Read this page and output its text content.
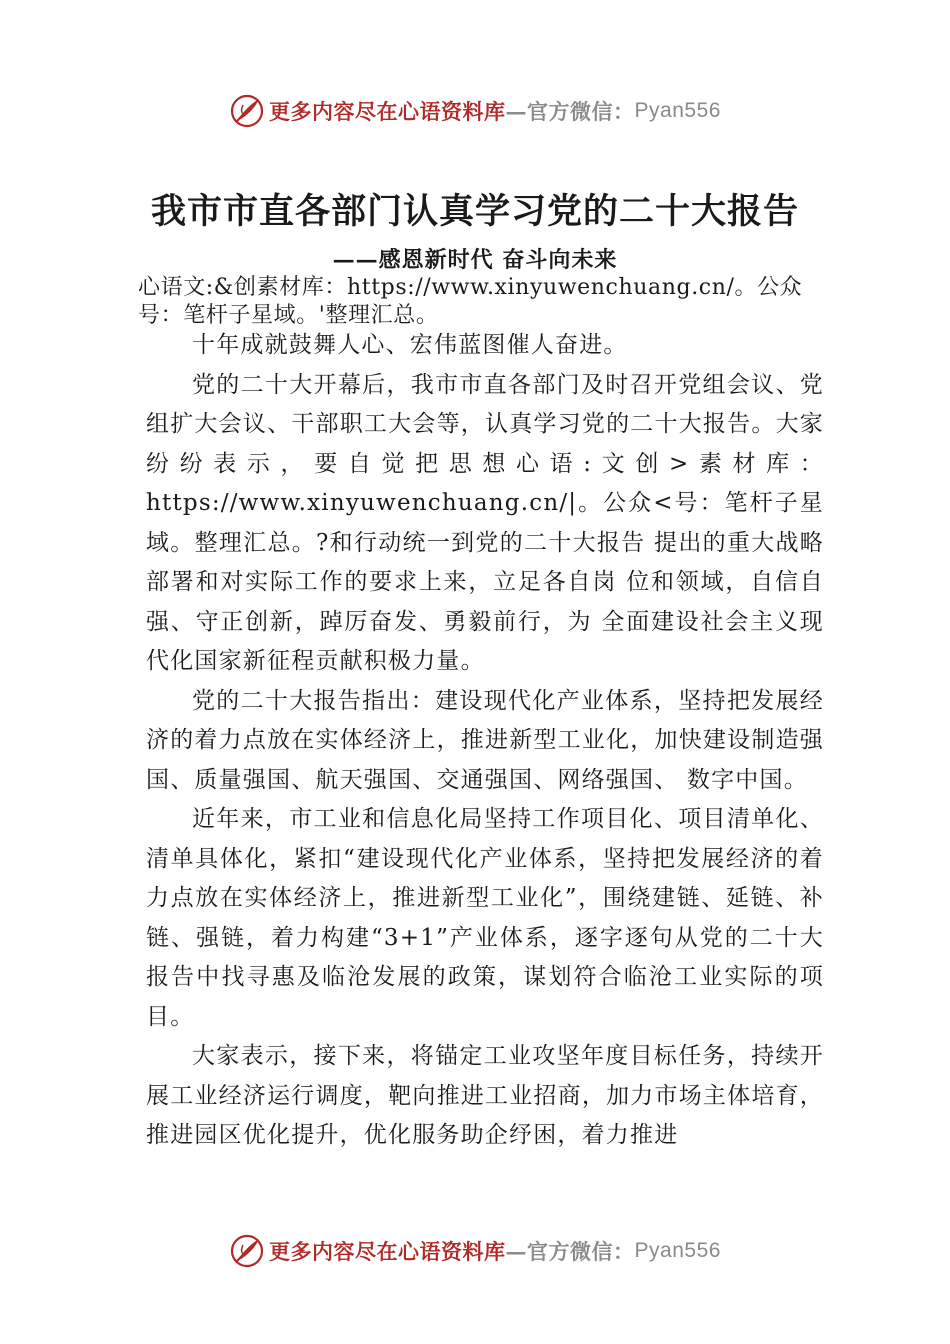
更多内容尽在心语资料库 —官方微信： Pyan556
我市市直各部门认真学习党的二十大报告
——感恩新时代 奋斗向未来
心语文:&创素材库：https://www.xinyuwenchuang.cn/。公众号：笔杆子星域。'整理汇总。

十年成就鼓舞人心、宏伟蓝图催人奋进。

党的二十大开幕后，我市市直各部门及时召开党组会议、党组扩大会议、干部职工大会等，认真学习党的二十大报告。大家纷纷表示，要自觉把思想心语:文创>素材库：https://www.xinyuwenchuang.cn/|。公众<号：笔杆子星域。整理汇总。?和行动统一到党的二十大报告 提出的重大战略部署和对实际工作的要求上来，立足各自岗 位和领域，自信自强、守正创新，踔厉奋发、勇毅前行，为 全面建设社会主义现代化国家新征程贡献积极力量。

党的二十大报告指出：建设现代化产业体系，坚持把发展经济的着力点放在实体经济上，推进新型工业化，加快建设制造强国、质量强国、航天强国、交通强国、网络强国、 数字中国。

近年来，市工业和信息化局坚持工作项目化、项目清单化、清单具体化，紧扣“建设现代化产业体系，坚持把发展经济的着力点放在实体经济上，推进新型工业化”，围绕建链、延链、补链、强链，着力构建“3+1”产业体系，逐字逐句从党的二十大报告中找寻惠及临沧发展的政策，谋划符合临沧工业实际的项目。

大家表示，接下来，将锚定工业攻坚年度目标任务，持续开展工业经济运行调度，靶向推进工业招商，加力市场主体培育，推进园区优化提升，优化服务助企纾困，着力推进

更多内容尽在心语资料库 —官方微信： Pyan556
